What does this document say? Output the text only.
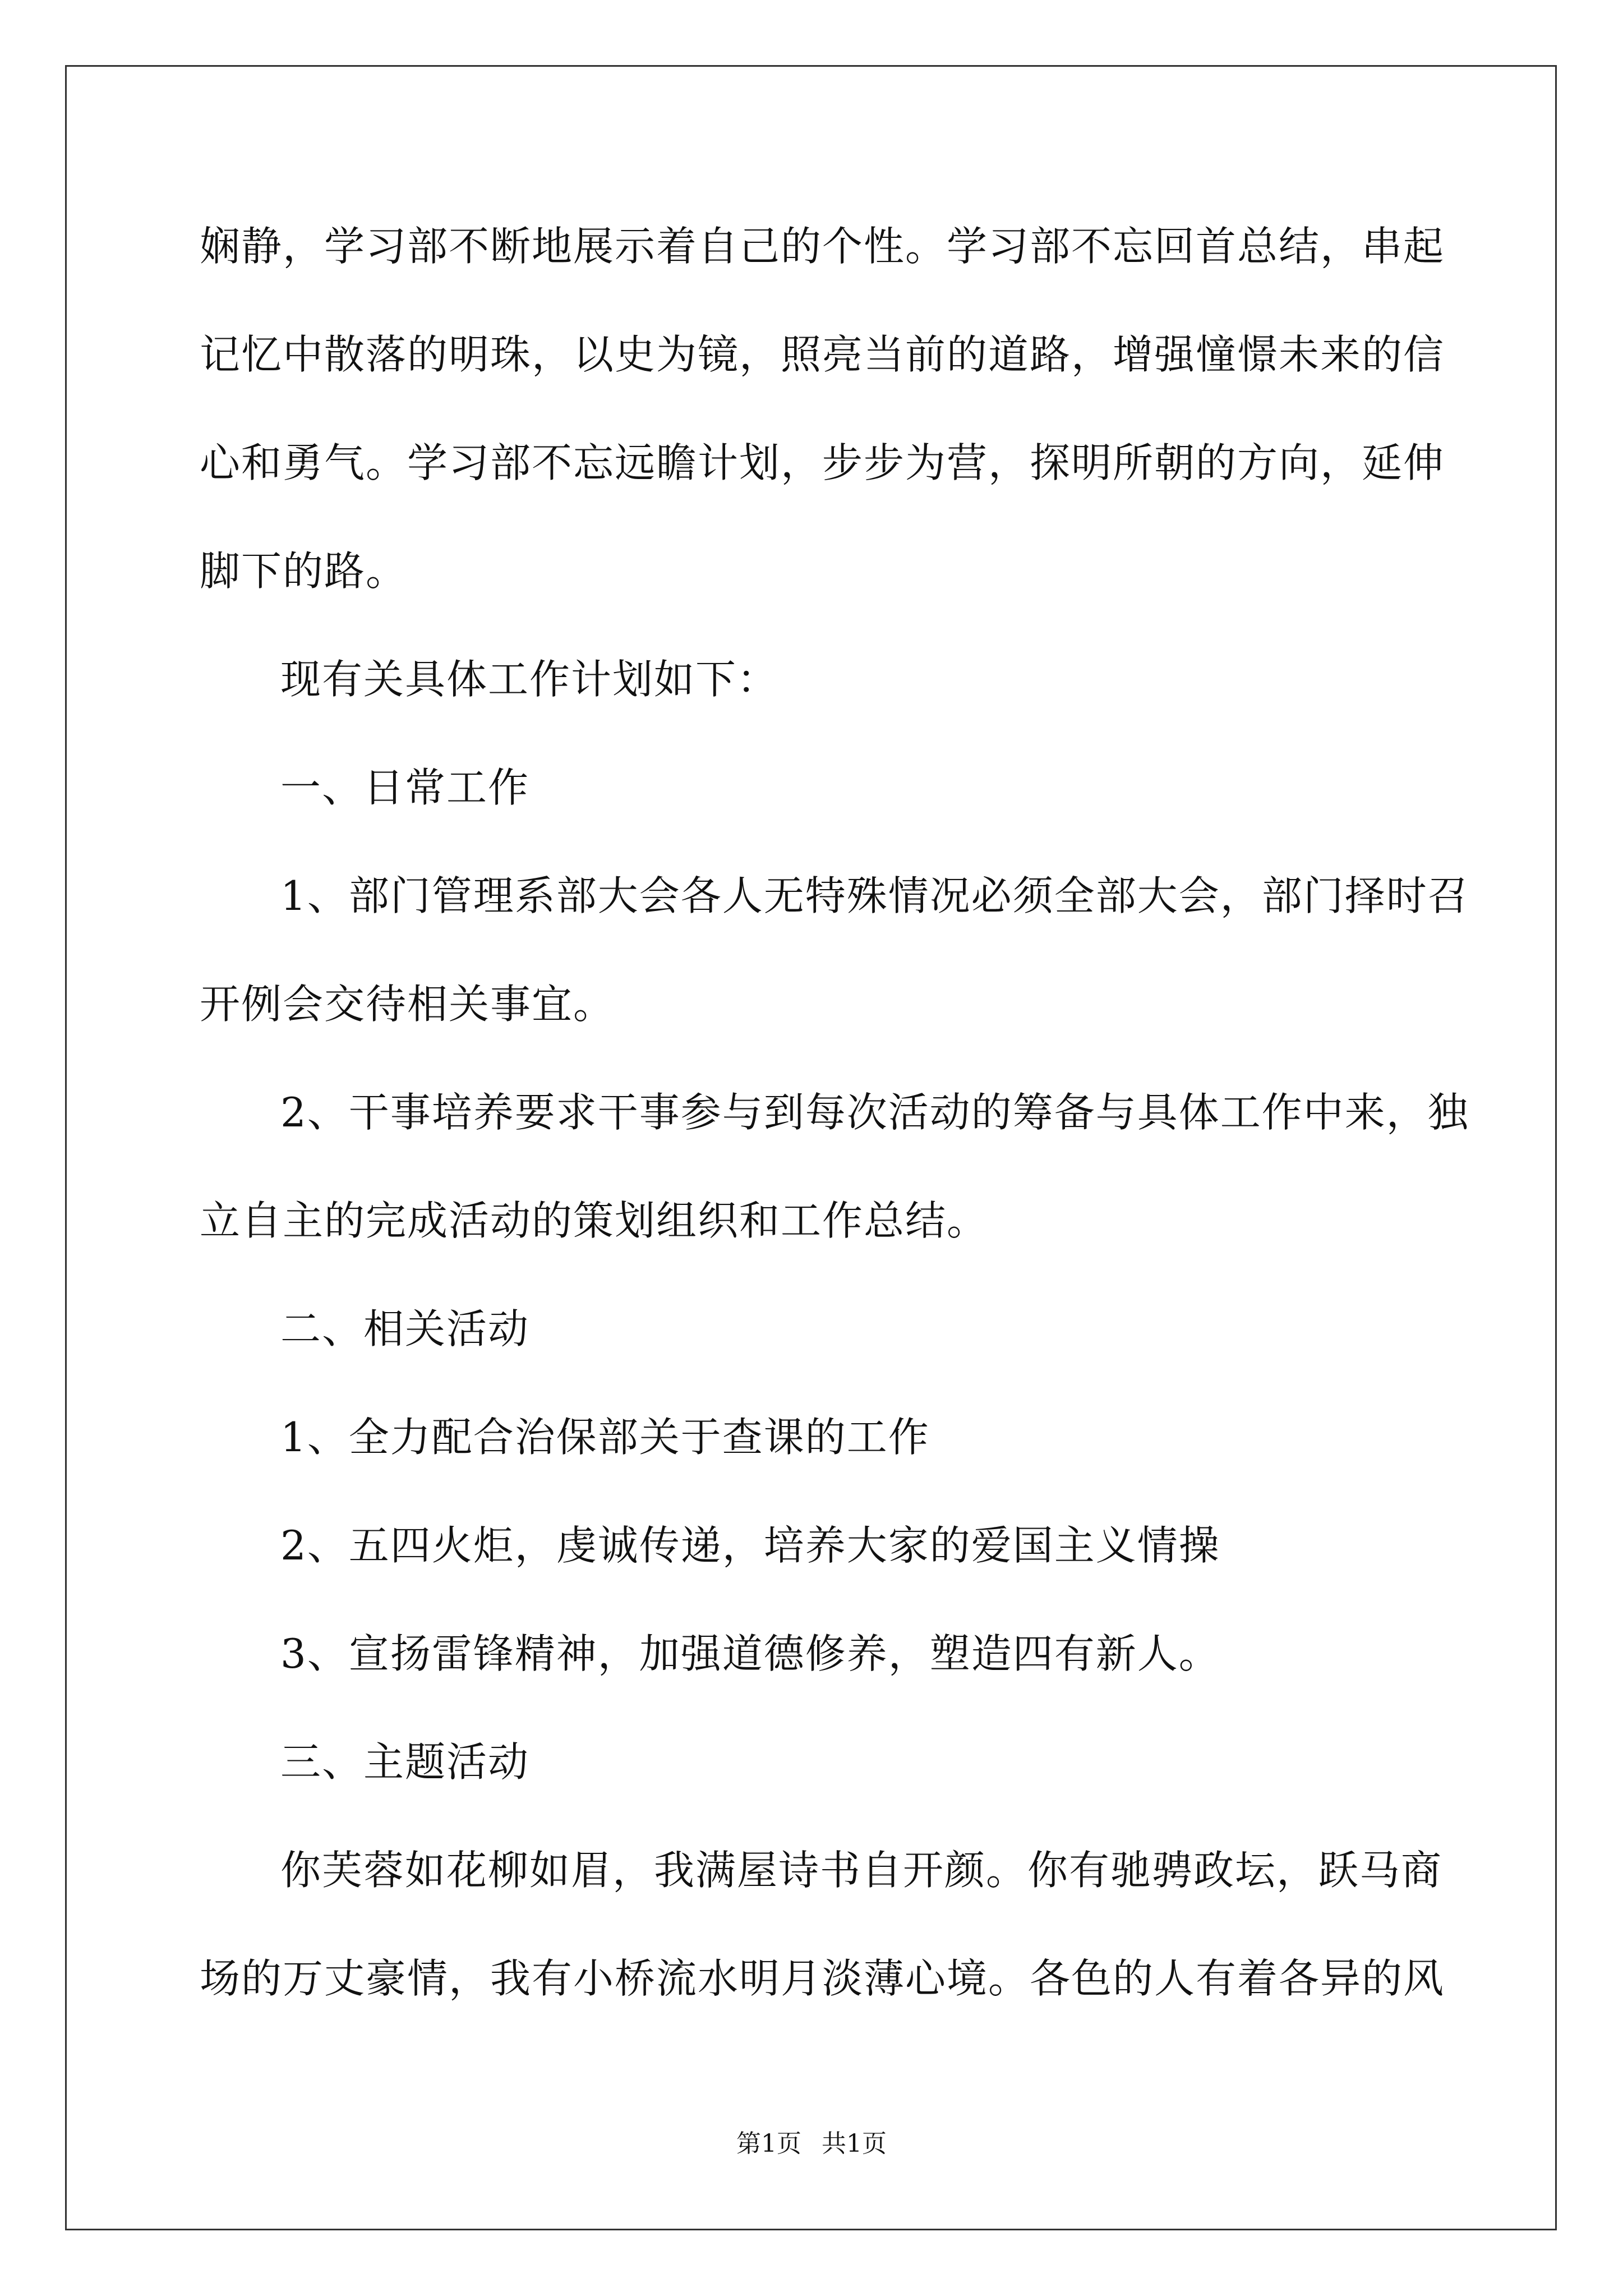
娴静，学习部不断地展示着自己的个性。学习部不忘回首总结，串起
记忆中散落的明珠，以史为镜，照亮当前的道路，增强憧憬未来的信
心和勇气。学习部不忘远瞻计划，步步为营，探明所朝的方向，延伸
脚下的路。
现有关具体工作计划如下：
一、日常工作
1、部门管理系部大会各人无特殊情况必须全部大会，部门择时召
开例会交待相关事宜。
2、干事培养要求干事参与到每次活动的筹备与具体工作中来，独
立自主的完成活动的策划组织和工作总结。
二、相关活动
1、全力配合治保部关于查课的工作
2、五四火炬，虔诚传递，培养大家的爱国主义情操
3、宣扬雷锋精神，加强道德修养，塑造四有新人。
三、主题活动
你芙蓉如花柳如眉，我满屋诗书自开颜。你有驰骋政坛，跃马商
场的万丈豪情，我有小桥流水明月淡薄心境。各色的人有着各异的风
第1页 共1页
